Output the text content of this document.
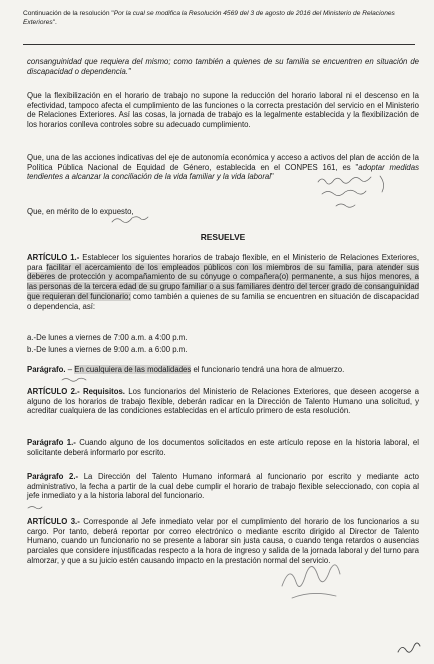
Continuación de la resolución "Por la cual se modifica la Resolución 4569 del 3 de agosto de 2016 del Ministerio de Relaciones Exteriores".

consanguinidad que requiera del mismo; como también a quienes de su familia se encuentren en situación de discapacidad o dependencia."

Que la flexibilización en el horario de trabajo no supone la reducción del horario laboral ni el descenso en la efectividad, tampoco afecta el cumplimiento de las funciones o la correcta prestación del servicio en el Ministerio de Relaciones Exteriores. Así las cosas, la jornada de trabajo es la legalmente establecida y la flexibilización de los horarios conlleva controles sobre su adecuado cumplimiento.

Que, una de las acciones indicativas del eje de autonomía económica y acceso a activos del plan de acción de la Política Pública Nacional de Equidad de Género, establecida en el CONPES 161, es "adoptar medidas tendientes a alcanzar la conciliación de la vida familiar y la vida laboral"

Que, en mérito de lo expuesto,

RESUELVE

ARTÍCULO 1.- Establecer los siguientes horarios de trabajo flexible, en el Ministerio de Relaciones Exteriores, para facilitar el acercamiento de los empleados públicos con los miembros de su familia, para atender sus deberes de protección y acompañamiento de su cónyuge o compañera(o) permanente, a sus hijos menores, a las personas de la tercera edad de su grupo familiar o a sus familiares dentro del tercer grado de consanguinidad que requieran del funcionario; como también a quienes de su familia se encuentren en situación de discapacidad o dependencia, así:

a.-De lunes a viernes de 7:00 a.m. a 4:00 p.m.

b.-De lunes a viernes de 9:00 a.m. a 6:00 p.m.

Parágrafo. – En cualquiera de las modalidades el funcionario tendrá una hora de almuerzo.

ARTÍCULO 2.- Requisitos. Los funcionarios del Ministerio de Relaciones Exteriores, que deseen acogerse a alguno de los horarios de trabajo flexible, deberán radicar en la Dirección de Talento Humano una solicitud, y acreditar cualquiera de las condiciones establecidas en el artículo primero de esta resolución.

Parágrafo 1.- Cuando alguno de los documentos solicitados en este artículo repose en la historia laboral, el solicitante deberá informarlo por escrito.

Parágrafo 2.- La Dirección del Talento Humano informará al funcionario por escrito y mediante acto administrativo, la fecha a partir de la cual debe cumplir el horario de trabajo flexible seleccionado, con copia al jefe inmediato y a la historia laboral del funcionario.

ARTÍCULO 3.- Corresponde al Jefe inmediato velar por el cumplimiento del horario de los funcionarios a su cargo. Por tanto, deberá reportar por correo electrónico o mediante escrito dirigido al Director de Talento Humano, cuando un funcionario no se presente a laborar sin justa causa, o cuando tenga retardos o ausencias parciales que considere injustificadas respecto a la hora de ingreso y salida de la jornada laboral y del turno para almorzar, y que a su juicio estén causando impacto en la prestación normal del servicio.
